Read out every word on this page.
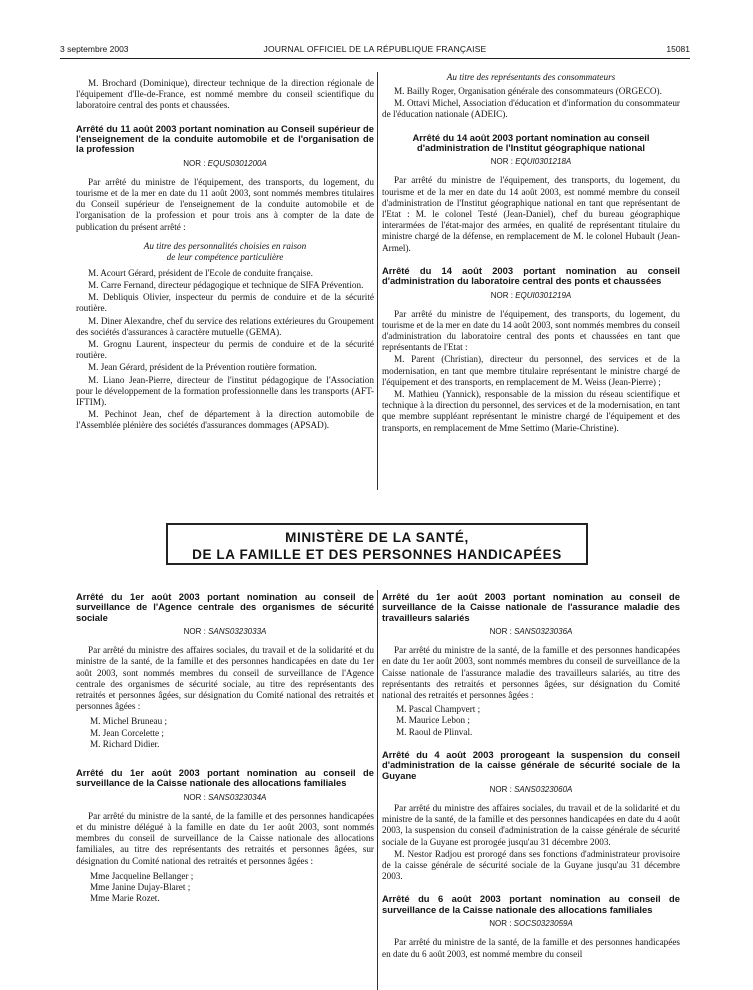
3 septembre 2003	JOURNAL OFFICIEL DE LA RÉPUBLIQUE FRANÇAISE	15081

M. Brochard (Dominique), directeur technique de la direction régionale de l'équipement d'Ile-de-France, est nommé membre du conseil scientifique du laboratoire central des ponts et chaussées.

Arrêté du 11 août 2003 portant nomination au Conseil supérieur de l'enseignement de la conduite automobile et de l'organisation de la profession
NOR : EQUS0301200A

Par arrêté du ministre de l'équipement, des transports, du logement, du tourisme et de la mer en date du 11 août 2003, sont nommés membres titulaires du Conseil supérieur de l'enseignement de la conduite automobile et de l'organisation de la profession et pour trois ans à compter de la date de publication du présent arrêté :

Au titre des personnalités choisies en raison
de leur compétence particulière

M. Acourt Gérard, président de l'Ecole de conduite française.

M. Carre Fernand, directeur pédagogique et technique de SIFA Prévention.

M. Debliquis Olivier, inspecteur du permis de conduire et de la sécurité routière.

M. Diner Alexandre, chef du service des relations extérieures du Groupement des sociétés d'assurances à caractère mutuelle (GEMA).

M. Grognu Laurent, inspecteur du permis de conduire et de la sécurité routière.

M. Jean Gérard, président de la Prévention routière formation.

M. Liano Jean-Pierre, directeur de l'institut pédagogique de l'Association pour le développement de la formation professionnelle dans les transports (AFT-IFTIM).

M. Pechinot Jean, chef de département à la direction automobile de l'Assemblée plénière des sociétés d'assurances dommages (APSAD).

Au titre des représentants des consommateurs

M. Bailly Roger, Organisation générale des consommateurs (ORGECO).

M. Ottavi Michel, Association d'éducation et d'information du consommateur de l'éducation nationale (ADEIC).

Arrêté du 14 août 2003 portant nomination au conseil d'administration de l'Institut géographique national
NOR : EQUI0301218A

Par arrêté du ministre de l'équipement, des transports, du logement, du tourisme et de la mer en date du 14 août 2003, est nommé membre du conseil d'administration de l'Institut géographique national en tant que représentant de l'Etat : M. le colonel Testé (Jean-Daniel), chef du bureau géographique interarmées de l'état-major des armées, en qualité de représentant titulaire du ministre chargé de la défense, en remplacement de M. le colonel Hubault (Jean-Armel).

Arrêté du 14 août 2003 portant nomination au conseil d'administration du laboratoire central des ponts et chaussées
NOR : EQUI0301219A

Par arrêté du ministre de l'équipement, des transports, du logement, du tourisme et de la mer en date du 14 août 2003, sont nommés membres du conseil d'administration du laboratoire central des ponts et chaussées en tant que représentants de l'Etat :

M. Parent (Christian), directeur du personnel, des services et de la modernisation, en tant que membre titulaire représentant le ministre chargé de l'équipement et des transports, en remplacement de M. Weiss (Jean-Pierre) ;

M. Mathieu (Yannick), responsable de la mission du réseau scientifique et technique à la direction du personnel, des services et de la modernisation, en tant que membre suppléant représentant le ministre chargé de l'équipement et des transports, en remplacement de Mme Settimo (Marie-Christine).

MINISTÈRE DE LA SANTÉ,
DE LA FAMILLE ET DES PERSONNES HANDICAPÉES
Arrêté du 1er août 2003 portant nomination au conseil de surveillance de l'Agence centrale des organismes de sécurité sociale
NOR : SANS0323033A

Par arrêté du ministre des affaires sociales, du travail et de la solidarité et du ministre de la santé, de la famille et des personnes handicapées en date du 1er août 2003, sont nommés membres du conseil de surveillance de l'Agence centrale des organismes de sécurité sociale, au titre des représentants des retraités et personnes âgées, sur désignation du Comité national des retraités et personnes âgées :

M. Michel Bruneau ;
M. Jean Corcelette ;
M. Richard Didier.
Arrêté du 1er août 2003 portant nomination au conseil de surveillance de la Caisse nationale des allocations familiales
NOR : SANS0323034A

Par arrêté du ministre de la santé, de la famille et des personnes handicapées et du ministre délégué à la famille en date du 1er août 2003, sont nommés membres du conseil de surveillance de la Caisse nationale des allocations familiales, au titre des représentants des retraités et personnes âgées, sur désignation du Comité national des retraités et personnes âgées :

Mme Jacqueline Bellanger ;
Mme Janine Dujay-Blaret ;
Mme Marie Rozet.
Arrêté du 1er août 2003 portant nomination au conseil de surveillance de la Caisse nationale de l'assurance maladie des travailleurs salariés
NOR : SANS0323036A

Par arrêté du ministre de la santé, de la famille et des personnes handicapées en date du 1er août 2003, sont nommés membres du conseil de surveillance de la Caisse nationale de l'assurance maladie des travailleurs salariés, au titre des représentants des retraités et personnes âgées, sur désignation du Comité national des retraités et personnes âgées :

M. Pascal Champvert ;
M. Maurice Lebon ;
M. Raoul de Plinval.
Arrêté du 4 août 2003 prorogeant la suspension du conseil d'administration de la caisse générale de sécurité sociale de la Guyane
NOR : SANS0323060A

Par arrêté du ministre des affaires sociales, du travail et de la solidarité et du ministre de la santé, de la famille et des personnes handicapées en date du 4 août 2003, la suspension du conseil d'administration de la caisse générale de sécurité sociale de la Guyane est prorogée jusqu'au 31 décembre 2003.

M. Nestor Radjou est prorogé dans ses fonctions d'administrateur provisoire de la caisse générale de sécurité sociale de la Guyane jusqu'au 31 décembre 2003.

Arrêté du 6 août 2003 portant nomination au conseil de surveillance de la Caisse nationale des allocations familiales
NOR : SOCS0323059A

Par arrêté du ministre de la santé, de la famille et des personnes handicapées en date du 6 août 2003, est nommé membre du conseil
